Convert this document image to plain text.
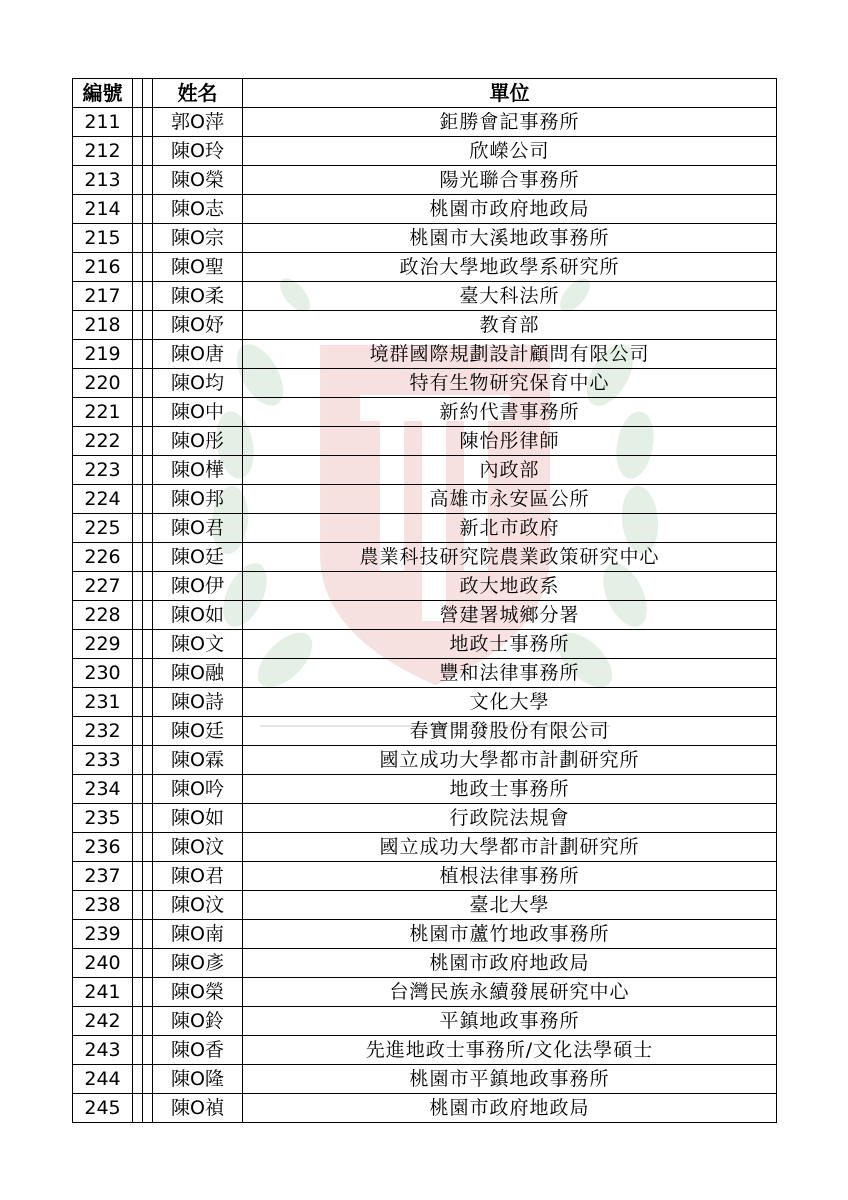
編號			姓名	單位
211			郭O萍	鉅勝會記事務所
212			陳O玲	欣嶸公司
213			陳O榮	陽光聯合事務所
214			陳O志	桃園市政府地政局
215			陳O宗	桃園市大溪地政事務所
216			陳O聖	政治大學地政學系研究所
217			陳O柔	臺大科法所
218			陳O妤	教育部
219			陳O唐	境群國際規劃設計顧問有限公司
220			陳O均	特有生物研究保育中心
221			陳O中	新約代書事務所
222			陳O彤	陳怡彤律師
223			陳O樺	內政部
224			陳O邦	高雄市永安區公所
225			陳O君	新北市政府
226			陳O廷	農業科技研究院農業政策研究中心
227			陳O伊	政大地政系
228			陳O如	營建署城鄉分署
229			陳O文	地政士事務所
230			陳O融	豐和法律事務所
231			陳O詩	文化大學
232			陳O廷	春寶開發股份有限公司
233			陳O霖	國立成功大學都市計劃研究所
234			陳O吟	地政士事務所
235			陳O如	行政院法規會
236			陳O汶	國立成功大學都市計劃研究所
237			陳O君	植根法律事務所
238			陳O汶	臺北大學
239			陳O南	桃園市蘆竹地政事務所
240			陳O彥	桃園市政府地政局
241			陳O榮	台灣民族永續發展研究中心
242			陳O鈴	平鎮地政事務所
243			陳O香	先進地政士事務所/文化法學碩士
244			陳O隆	桃園市平鎮地政事務所
245			陳O禎	桃園市政府地政局
